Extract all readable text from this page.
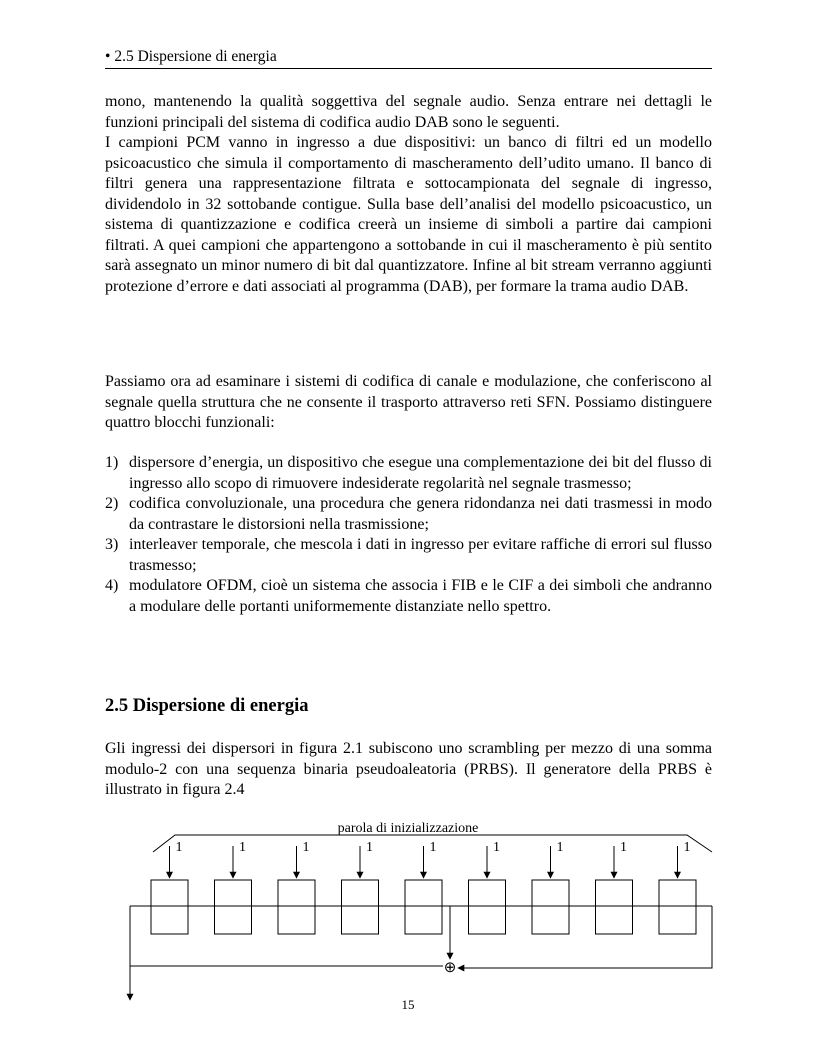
• 2.5 Dispersione di energia

mono, mantenendo la qualità soggettiva del segnale audio. Senza entrare nei dettagli le funzioni principali del sistema di codifica audio DAB sono le seguenti.

I campioni PCM vanno in ingresso a due dispositivi: un banco di filtri ed un modello psicoacustico che simula il comportamento di mascheramento dell’udito umano. Il banco di filtri genera una rappresentazione filtrata e sottocampionata del segnale di ingresso, dividendolo in 32 sottobande contigue. Sulla base dell’analisi del modello psicoacustico, un sistema di quantizzazione e codifica creerà un insieme di simboli a partire dai campioni filtrati. A quei campioni che appartengono a sottobande in cui il mascheramento è più sentito sarà assegnato un minor numero di bit dal quantizzatore. Infine al bit stream verranno aggiunti protezione d’errore e dati associati al programma (DAB), per formare la trama audio DAB.

Passiamo ora ad esaminare i sistemi di codifica di canale e modulazione, che conferiscono al segnale quella struttura che ne consente il trasporto attraverso reti SFN. Possiamo distinguere quattro blocchi funzionali:

1) dispersore d’energia, un dispositivo che esegue una complementazione dei bit del flusso di ingresso allo scopo di rimuovere indesiderate regolarità nel segnale trasmesso;
2) codifica convoluzionale, una procedura che genera ridondanza nei dati trasmessi in modo da contrastare le distorsioni nella trasmissione;
3) interleaver temporale, che mescola i dati in ingresso per evitare raffiche di errori sul flusso trasmesso;
4) modulatore OFDM, cioè un sistema che associa i FIB e le CIF a dei simboli che andranno a modulare delle portanti uniformemente distanziate nello spettro.
2.5 Dispersione di energia

Gli ingressi dei dispersori in figura 2.1 subiscono uno scrambling per mezzo di una somma modulo-2 con una sequenza binaria pseudoaleatoria (PRBS). Il generatore della PRBS è illustrato in figura 2.4

parola di inizializzazione
1	1	1	1	1	1	1	1	1
⊕
15
